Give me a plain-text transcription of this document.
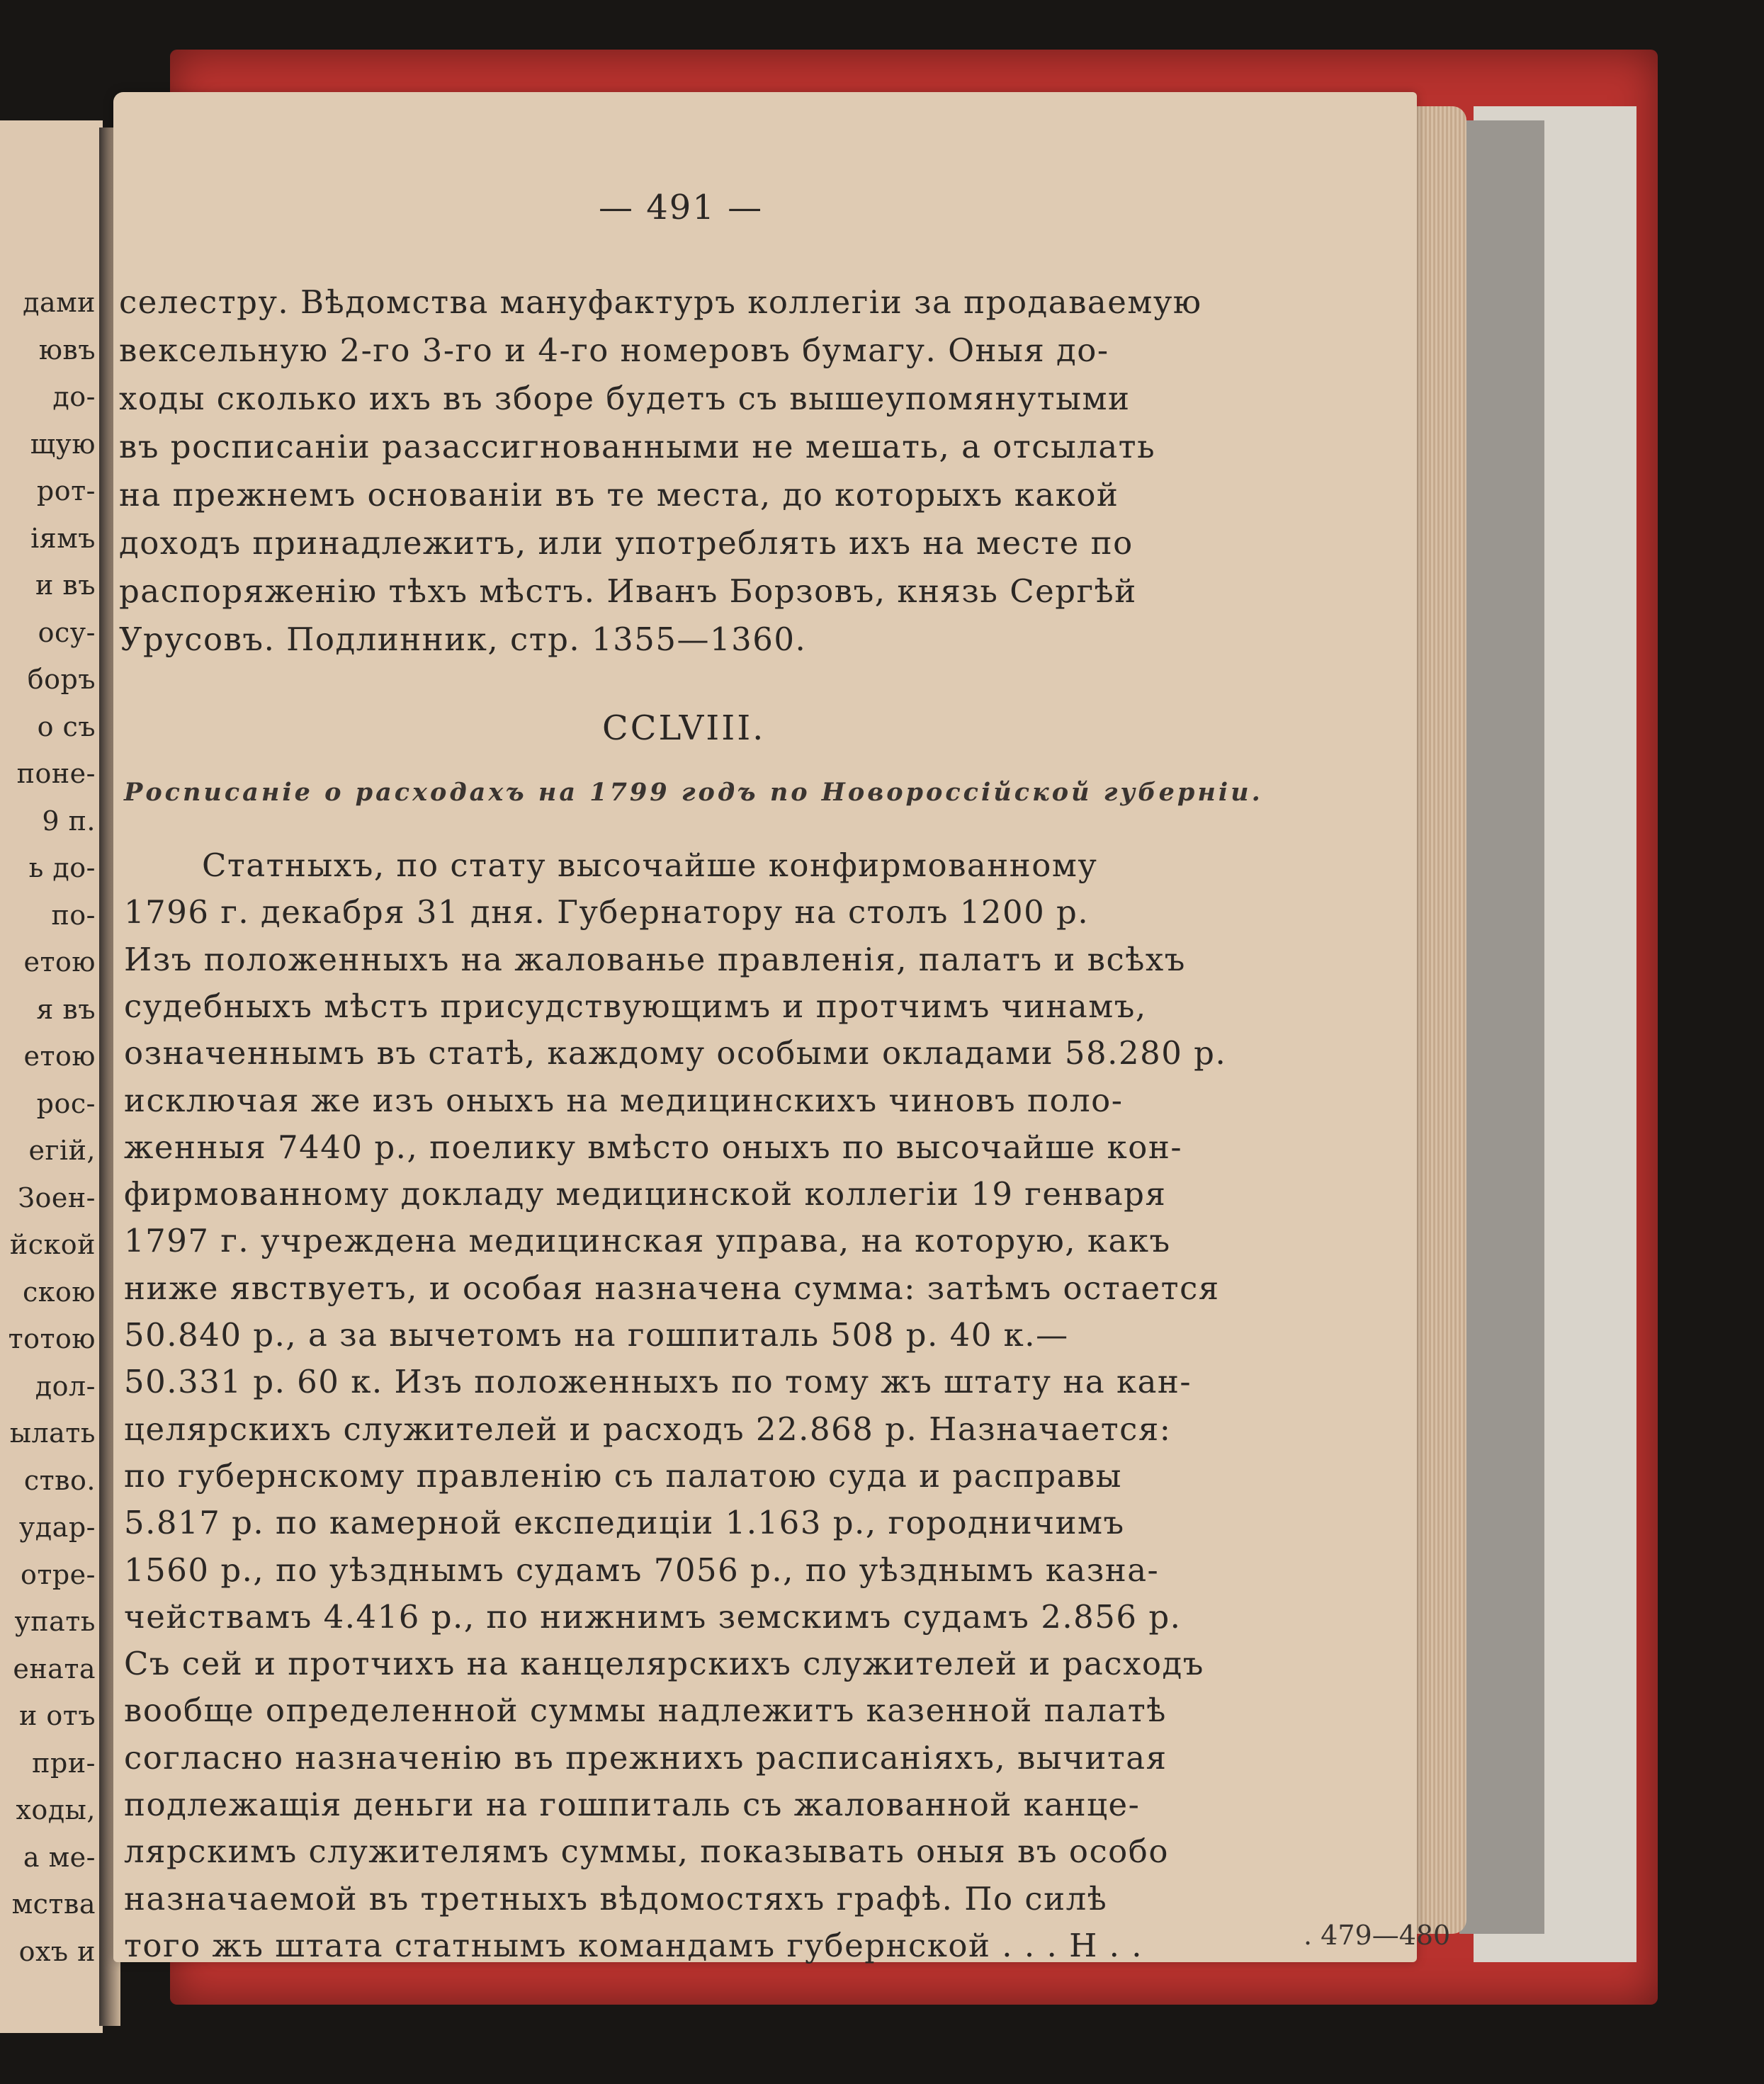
дами
ювъ
до-
щую
рот-
іямъ
и въ
осу-
боръ
о съ
поне-
9 п.
ь до-
по-
етою
я въ
етою
рос-
егій,
Зоен-
йской
скою
тотою
дол-
ылать
ство.
удар-
отре-
упать
ената
и отъ
при-
ходы,
а ме-
мства
охъ и
— 491 —
селестру. Вѣдомства мануфактуръ коллегіи за продаваемую
вексельную 2-го 3-го и 4-го номеровъ бумагу. Оныя до-
ходы сколько ихъ въ зборе будетъ съ вышеупомянутыми
въ росписаніи разассигнованными не мешать, а отсылать
на прежнемъ основаніи въ те места, до которыхъ какой
доходъ принадлежитъ, или употреблять ихъ на месте по
распоряженію тѣхъ мѣстъ. Иванъ Борзовъ, князь Сергѣй
Урусовъ. Подлинник, стр. 1355—1360.
CCLVIII.
Росписаніе о расходахъ на 1799 годъ по Новороссійской губерніи.
Статныхъ, по стату высочайше конфирмованному
1796 г. декабря 31 дня. Губернатору на столъ 1200 р.
Изъ положенныхъ на жалованье правленія, палатъ и всѣхъ
судебныхъ мѣстъ присудствующимъ и протчимъ чинамъ,
означеннымъ въ статѣ, каждому особыми окладами 58.280 р.
исключая же изъ оныхъ на медицинскихъ чиновъ поло-
женныя 7440 р., поелику вмѣсто оныхъ по высочайше кон-
фирмованному докладу медицинской коллегіи 19 генваря
1797 г. учреждена медицинская управа, на которую, какъ
ниже явствуетъ, и особая назначена сумма: затѣмъ остается
50.840 р., а за вычетомъ на гошпиталь 508 р. 40 к.—
50.331 р. 60 к. Изъ положенныхъ по тому жъ штату на кан-
целярскихъ служителей и расходъ 22.868 р. Назначается:
по губернскому правленію съ палатою суда и расправы
5.817 р. по камерной експедиціи 1.163 р., городничимъ
1560 р., по уѣзднымъ судамъ 7056 р., по уѣзднымъ казна-
чействамъ 4.416 р., по нижнимъ земскимъ судамъ 2.856 р.
Съ сей и протчихъ на канцелярскихъ служителей и расходъ
вообще определенной суммы надлежитъ казенной палатѣ
согласно назначенію въ прежнихъ расписаніяхъ, вычитая
подлежащія деньги на гошпиталь съ жалованной канце-
лярскимъ служителямъ суммы, показывать оныя въ особо
назначаемой въ третныхъ вѣдомостяхъ графѣ. По силѣ
того жъ штата статнымъ командамъ губернской . . . Н . .	. 479—480
